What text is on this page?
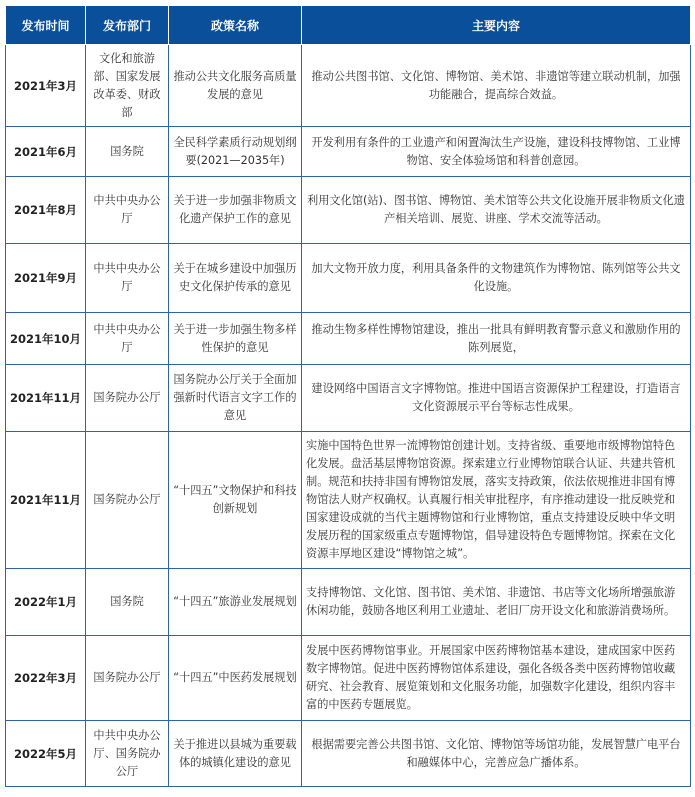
发布时间	发布部门	政策名称	主要内容
2021年3月	文化和旅游部、国家发展改革委、财政部	推动公共文化服务高质量发展的意见	推动公共图书馆、文化馆、博物馆、美术馆、非遗馆等建立联动机制，加强功能融合，提高综合效益。
2021年6月	国务院	全民科学素质行动规划纲要(2021—2035年)	开发利用有条件的工业遗产和闲置淘汰生产设施，建设科技博物馆、工业博物馆、安全体验场馆和科普创意园。
2021年8月	中共中央办公厅	关于进一步加强非物质文化遗产保护工作的意见	利用文化馆(站)、图书馆、博物馆、美术馆等公共文化设施开展非物质文化遗产相关培训、展览、讲座、学术交流等活动。
2021年9月	中共中央办公厅	关于在城乡建设中加强历史文化保护传承的意见	加大文物开放力度，利用具备条件的文物建筑作为博物馆、陈列馆等公共文化设施。
2021年10月	中共中央办公厅	关于进一步加强生物多样性保护的意见	推动生物多样性博物馆建设，推出一批具有鲜明教育警示意义和激励作用的陈列展览，
2021年11月	国务院办公厅	国务院办公厅关于全面加强新时代语言文字工作的意见	建设网络中国语言文字博物馆。推进中国语言资源保护工程建设，打造语言文化资源展示平台等标志性成果。
2021年11月	国务院办公厅	“十四五”文物保护和科技创新规划	实施中国特色世界一流博物馆创建计划。支持省级、重要地市级博物馆特色化发展。盘活基层博物馆资源。探索建立行业博物馆联合认证、共建共管机制。规范和扶持非国有博物馆发展，落实支持政策，依法依规推进非国有博物馆法人财产权确权。认真履行相关审批程序，有序推动建设一批反映党和国家建设成就的当代主题博物馆和行业博物馆，重点支持建设反映中华文明发展历程的国家级重点专题博物馆，倡导建设特色专题博物馆。探索在文化资源丰厚地区建设“博物馆之城”。
2022年1月	国务院	“十四五”旅游业发展规划	支持博物馆、文化馆、图书馆、美术馆、非遗馆、书店等文化场所增强旅游休闲功能，鼓励各地区利用工业遗址、老旧厂房开设文化和旅游消费场所。
2022年3月	国务院办公厅	“十四五”中医药发展规划	发展中医药博物馆事业。开展国家中医药博物馆基本建设，建成国家中医药数字博物馆。促进中医药博物馆体系建设，强化各级各类中医药博物馆收藏研究、社会教育、展览策划和文化服务功能，加强数字化建设，组织内容丰富的中医药专题展览。
2022年5月	中共中央办公厅、国务院办公厅	关于推进以县城为重要载体的城镇化建设的意见	根据需要完善公共图书馆、文化馆、博物馆等场馆功能，发展智慧广电平台和融媒体中心，完善应急广播体系。
